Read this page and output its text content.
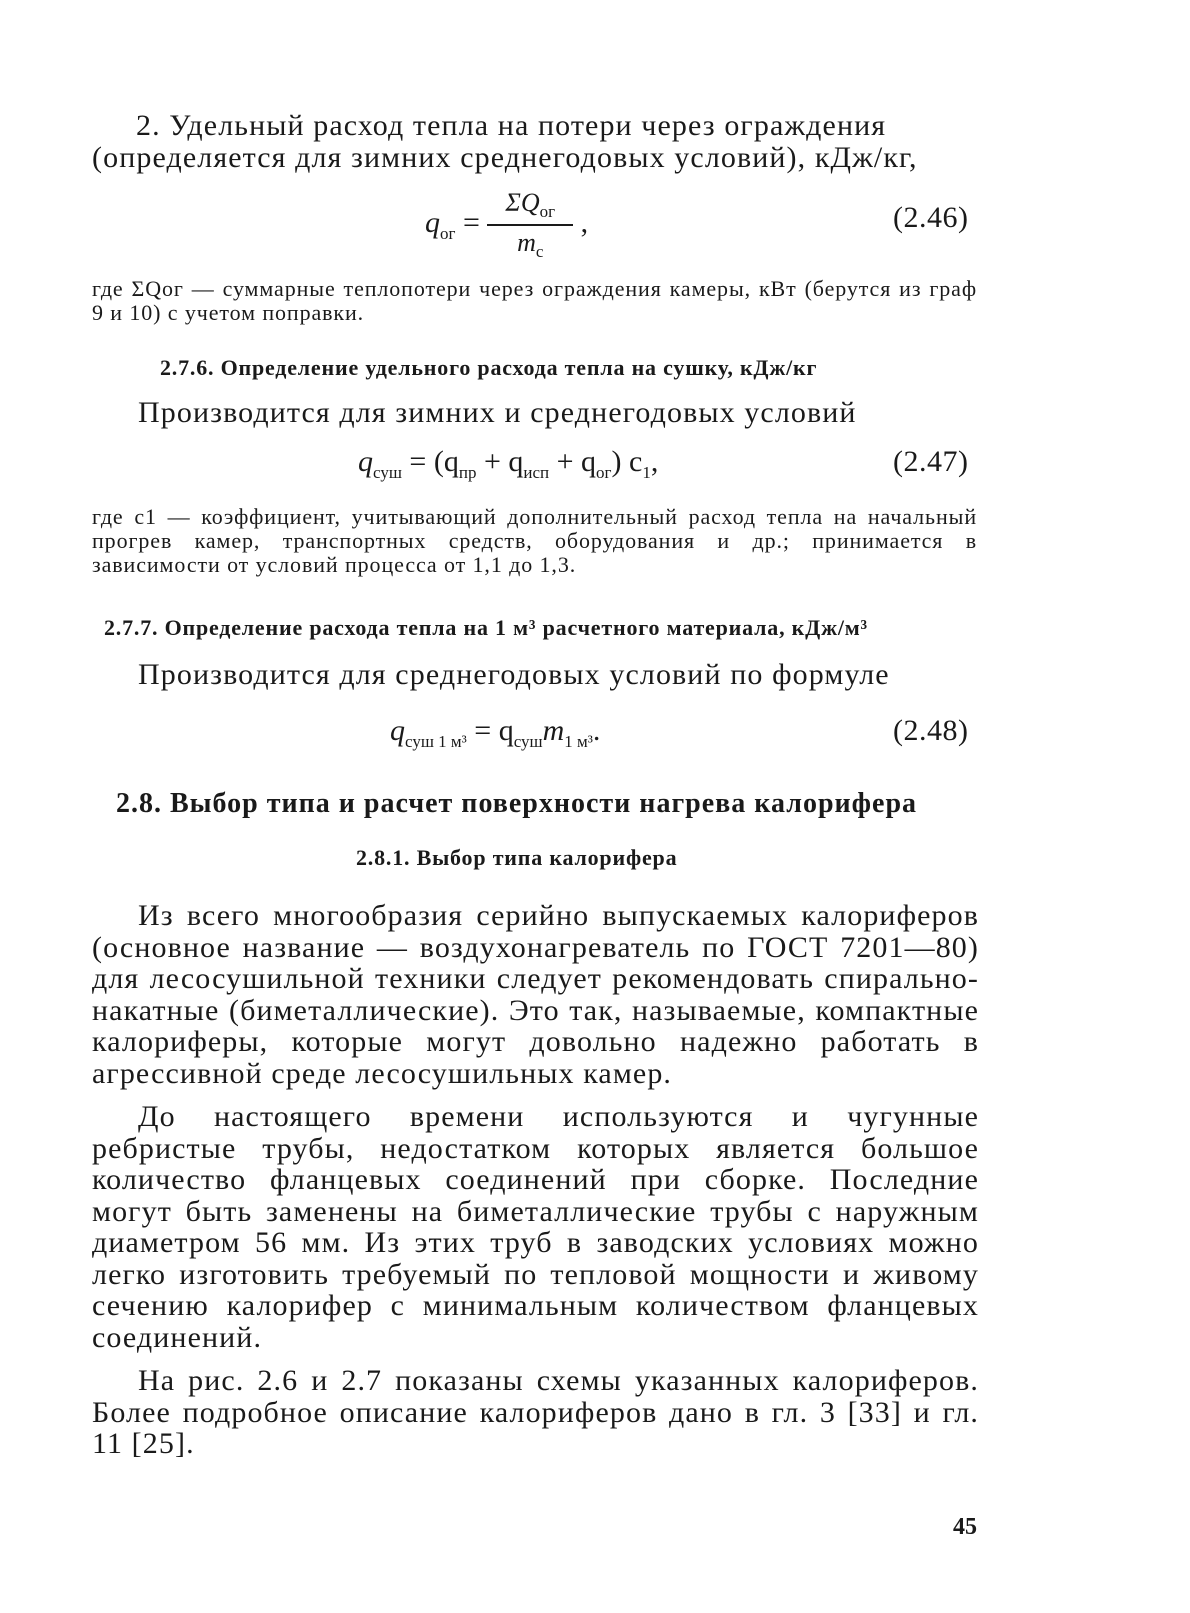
2. Удельный расход тепла на потери через ограждения
(определяется для зимних среднегодовых условий), кДж/кг,
$q_{ог} = \frac{\Sigma Q_{ог}}{m_с}$ ,	(2.46)
где ΣQог — суммарные теплопотери через ограждения камеры, кВт (берутся из граф 9 и 10) с учетом поправки.
2.7.6. Определение удельного расхода тепла на сушку, кДж/кг
Производится для зимних и среднегодовых условий
$q_{суш} = (q_{пр} + q_{исп} + q_{ог})$ $c_1$,	(2.47)
где c1 — коэффициент, учитывающий дополнительный расход тепла на начальный прогрев камер, транспортных средств, оборудования и др.; принимается в зависимости от условий процесса от 1,1 до 1,3.
2.7.7. Определение расхода тепла на 1 м³ расчетного материала, кДж/м³
Производится для среднегодовых условий по формуле
$q_{суш 1 м^3} = q_{суш}m_{1 м^3}$.	(2.48)
2.8. Выбор типа и расчет поверхности нагрева калорифера
2.8.1. Выбор типа калорифера

Из всего многообразия серийно выпускаемых калориферов (основное название — воздухонагреватель по ГОСТ 7201—80) для лесосушильной техники следует рекомендовать спирально-накатные (биметаллические). Это так, называемые, компактные калориферы, которые могут довольно надежно работать в агрессивной среде лесосушильных камер.

До настоящего времени используются и чугунные ребристые трубы, недостатком которых является большое количество фланцевых соединений при сборке. Последние могут быть заменены на биметаллические трубы с наружным диаметром 56 мм. Из этих труб в заводских условиях можно легко изготовить требуемый по тепловой мощности и живому сечению калорифер с минимальным количеством фланцевых соединений.

На рис. 2.6 и 2.7 показаны схемы указанных калориферов. Более подробное описание калориферов дано в гл. 3 [33] и гл. 11 [25].

45
